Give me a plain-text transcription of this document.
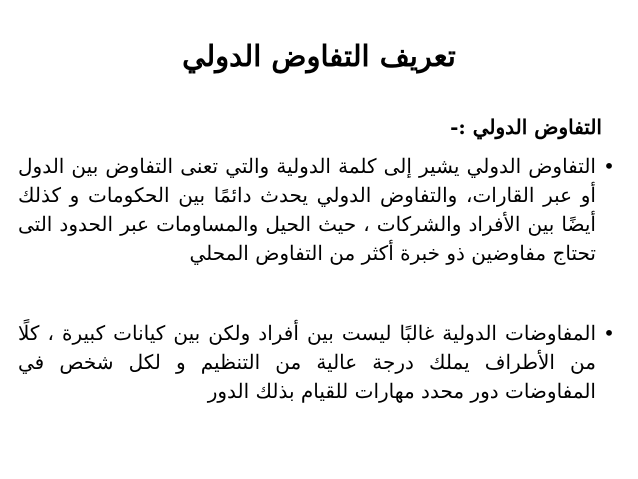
تعريف التفاوض الدولي
التفاوض الدولي :-
•
التفاوض الدولي يشير إلى كلمة الدولية والتي تعنى التفاوض بين الدول أو عبر القارات، والتفاوض الدولي يحدث دائمًا بين الحكومات و كذلك أيضًا بين الأفراد والشركات ، حيث الحيل والمساومات عبر الحدود التى تحتاج مفاوضين ذو خبرة أكثر من التفاوض المحلي
•
المفاوضات الدولية غالبًا ليست بين أفراد ولكن بين كيانات كبيرة ، كلًا من الأطراف يملك درجة عالية من التنظيم و لكل شخص في المفاوضات دور محدد مهارات للقيام بذلك الدور
